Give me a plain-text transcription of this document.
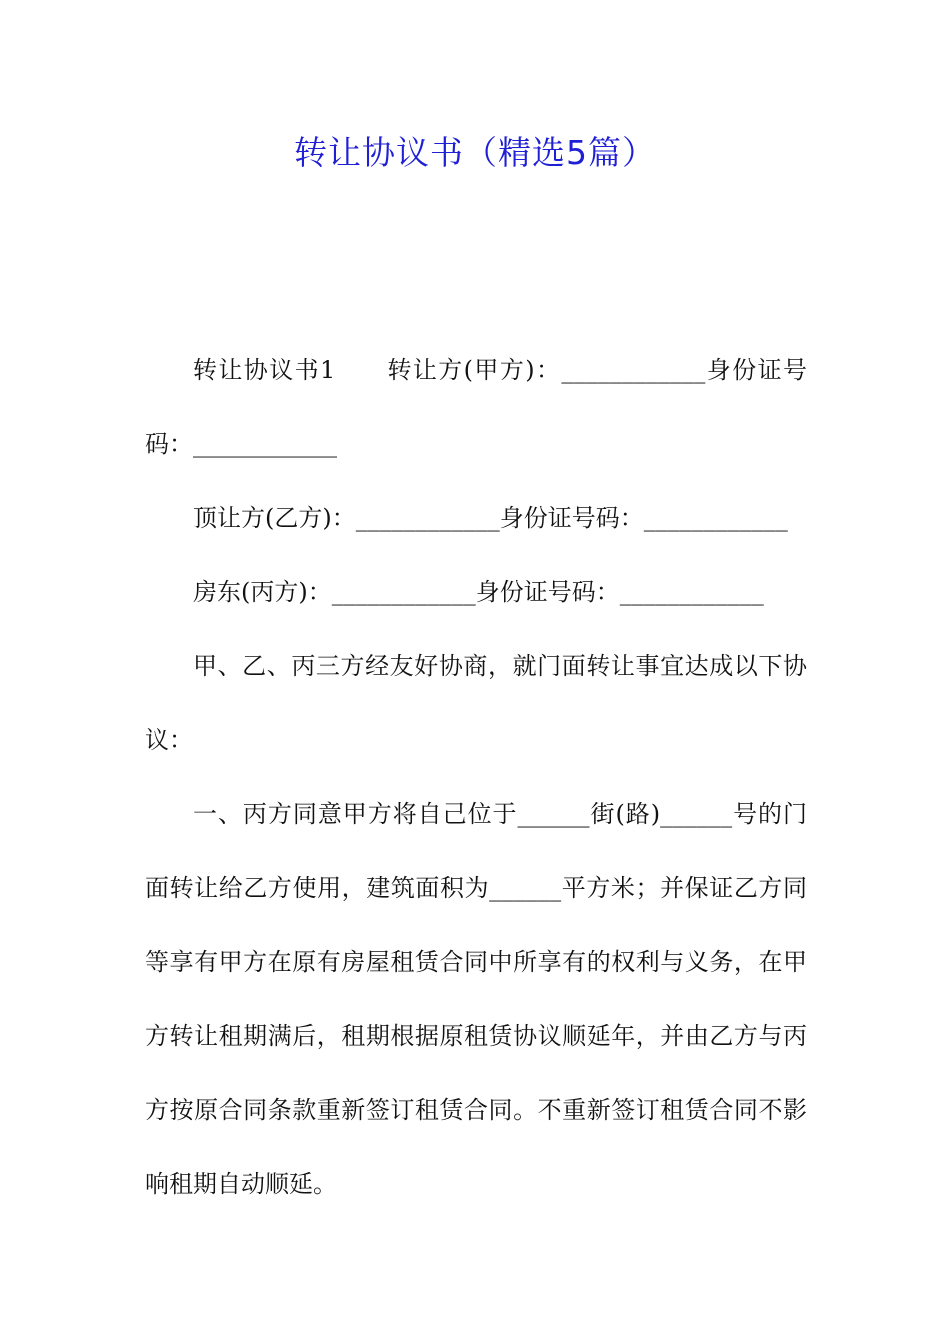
转让协议书（精选5篇）

转让协议书1　　转让方(甲方)：____________身份证号码：____________

顶让方(乙方)：____________身份证号码：____________

房东(丙方)：____________身份证号码：____________

甲、乙、丙三方经友好协商，就门面转让事宜达成以下协议：

一、丙方同意甲方将自己位于______街(路)______号的门面转让给乙方使用，建筑面积为______平方米；并保证乙方同等享有甲方在原有房屋租赁合同中所享有的权利与义务，在甲方转让租期满后，租期根据原租赁协议顺延年，并由乙方与丙方按原合同条款重新签订租赁合同。不重新签订租赁合同不影响租期自动顺延。
